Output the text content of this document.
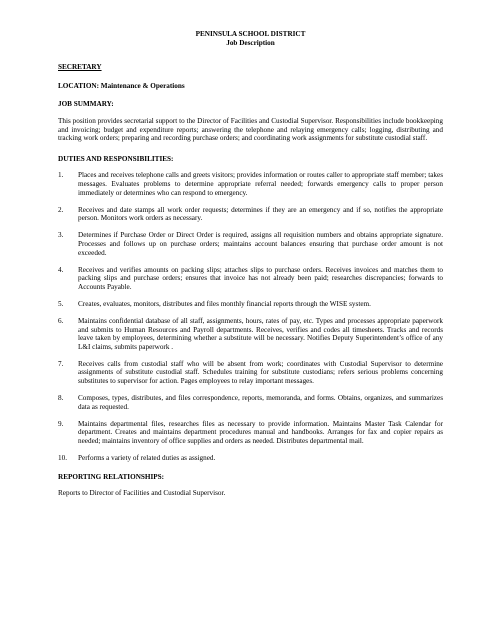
PENINSULA SCHOOL DISTRICT

Job Description

SECRETARY

LOCATION: Maintenance & Operations

JOB SUMMARY:

This position provides secretarial support to the Director of Facilities and Custodial Supervisor. Responsibilities include bookkeeping and invoicing; budget and expenditure reports; answering the telephone and relaying emergency calls; logging, distributing and tracking work orders; preparing and recording purchase orders; and coordinating work assignments for substitute custodial staff.

DUTIES AND RESPONSIBILITIES:

1. Places and receives telephone calls and greets visitors; provides information or routes caller to appropriate staff member; takes messages. Evaluates problems to determine appropriate referral needed; forwards emergency calls to proper person immediately or determines who can respond to emergency.
2. Receives and date stamps all work order requests; determines if they are an emergency and if so, notifies the appropriate person. Monitors work orders as necessary.
3. Determines if Purchase Order or Direct Order is required, assigns all requisition numbers and obtains appropriate signature. Processes and follows up on purchase orders; maintains account balances ensuring that purchase order amount is not exceeded.
4. Receives and verifies amounts on packing slips; attaches slips to purchase orders. Receives invoices and matches them to packing slips and purchase orders; ensures that invoice has not already been paid; researches discrepancies; forwards to Accounts Payable.
5. Creates, evaluates, monitors, distributes and files monthly financial reports through the WISE system.
6. Maintains confidential database of all staff, assignments, hours, rates of pay, etc. Types and processes appropriate paperwork and submits to Human Resources and Payroll departments. Receives, verifies and codes all timesheets. Tracks and records leave taken by employees, determining whether a substitute will be necessary. Notifies Deputy Superintendent’s office of any L&I claims, submits paperwork .
7. Receives calls from custodial staff who will be absent from work; coordinates with Custodial Supervisor to determine assignments of substitute custodial staff. Schedules training for substitute custodians; refers serious problems concerning substitutes to supervisor for action. Pages employees to relay important messages.
8. Composes, types, distributes, and files correspondence, reports, memoranda, and forms. Obtains, organizes, and summarizes data as requested.
9. Maintains departmental files, researches files as necessary to provide information. Maintains Master Task Calendar for department. Creates and maintains department procedures manual and handbooks. Arranges for fax and copier repairs as needed; maintains inventory of office supplies and orders as needed. Distributes departmental mail.
10. Performs a variety of related duties as assigned.

REPORTING RELATIONSHIPS:

Reports to Director of Facilities and Custodial Supervisor.
